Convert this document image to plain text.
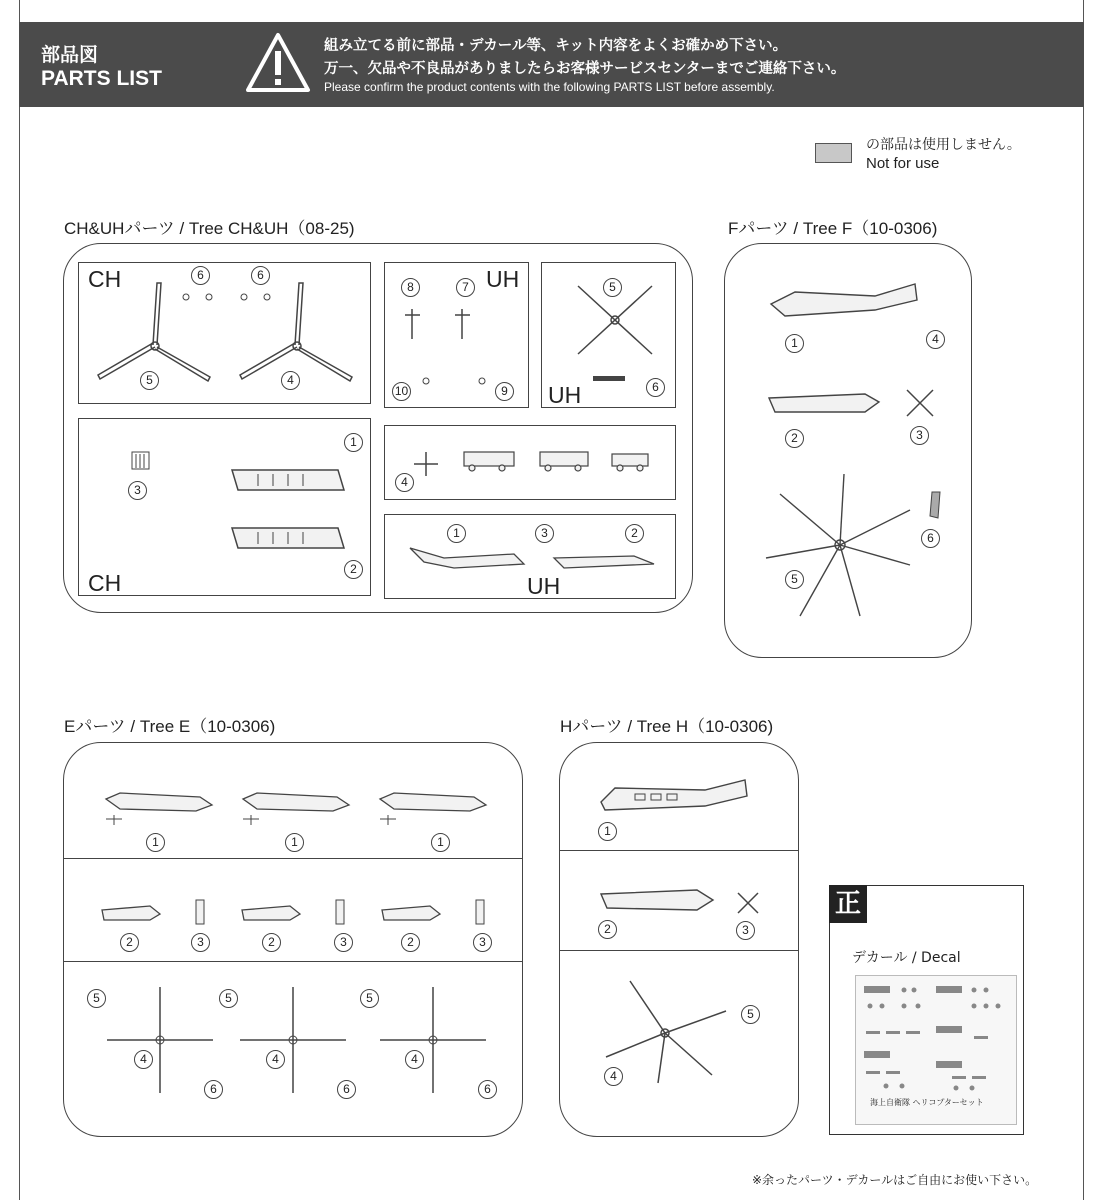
部品図
PARTS LIST
組み立てる前に部品・デカール等、キット内容をよくお確かめ下さい。
万一、欠品や不良品がありましたらお客様サービスセンターまでご連絡下さい。
Please confirm the product contents with the following PARTS LIST before assembly.
の部品は使用しません。
Not for use
CH&UHパーツ / Tree CH&UH（08-25)
CH	6	6
5	4
UH
8	7
10	9
5
UH	6
3
1
2
CH
4
1	3	2
UH
Fパーツ / Tree F（10-0306)
1	4
2	3
6
5
Eパーツ / Tree E（10-0306)
1	1	1
2	3	2	3	2	3
5	5	5
4	4	4
6	6	6
Hパーツ / Tree H（10-0306)
1
2	3
5
4
正
デカール / Decal
海上自衛隊 ヘリコプターセット
※余ったパーツ・デカールはご自由にお使い下さい。
